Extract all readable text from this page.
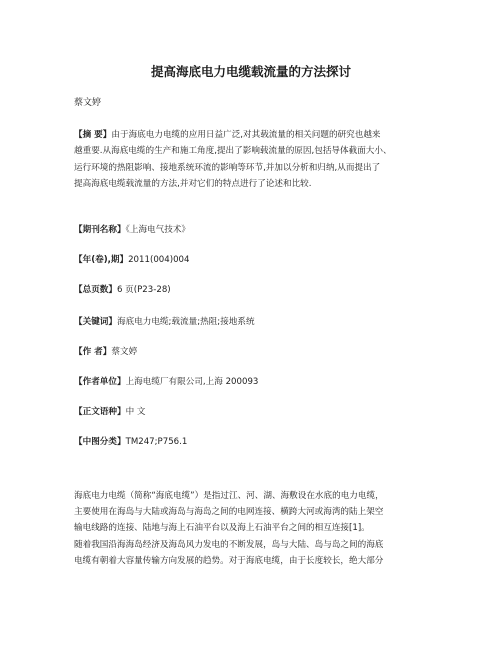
提高海底电力电缆载流量的方法探讨
蔡文婷
【摘 要】由于海底电力电缆的应用日益广泛,对其载流量的相关问题的研究也越来
越重要.从海底电缆的生产和施工角度,提出了影响载流量的原因,包括导体截面大小、
运行环境的热阻影响、接地系统环流的影响等环节,并加以分析和归纳,从而提出了
提高海底电缆载流量的方法,并对它们的特点进行了论述和比较.
【期刊名称】《上海电气技术》
【年(卷),期】2011(004)004
【总页数】6 页(P23-28)
【关键词】海底电力电缆;载流量;热阻;接地系统
【作 者】蔡文婷
【作者单位】上海电缆厂有限公司,上海 200093
【正文语种】中 文
【中图分类】TM247;P756.1
海底电力电缆（简称“海底电缆”）是指过江、河、湖、海敷设在水底的电力电缆，
主要使用在海岛与大陆或海岛与海岛之间的电网连接、横跨大河或海湾的陆上架空
输电线路的连接、陆地与海上石油平台以及海上石油平台之间的相互连接[1]。
随着我国沿海海岛经济及海岛风力发电的不断发展，岛与大陆、岛与岛之间的海底
电缆有朝着大容量传输方向发展的趋势。对于海底电缆，由于长度较长，绝大部分
